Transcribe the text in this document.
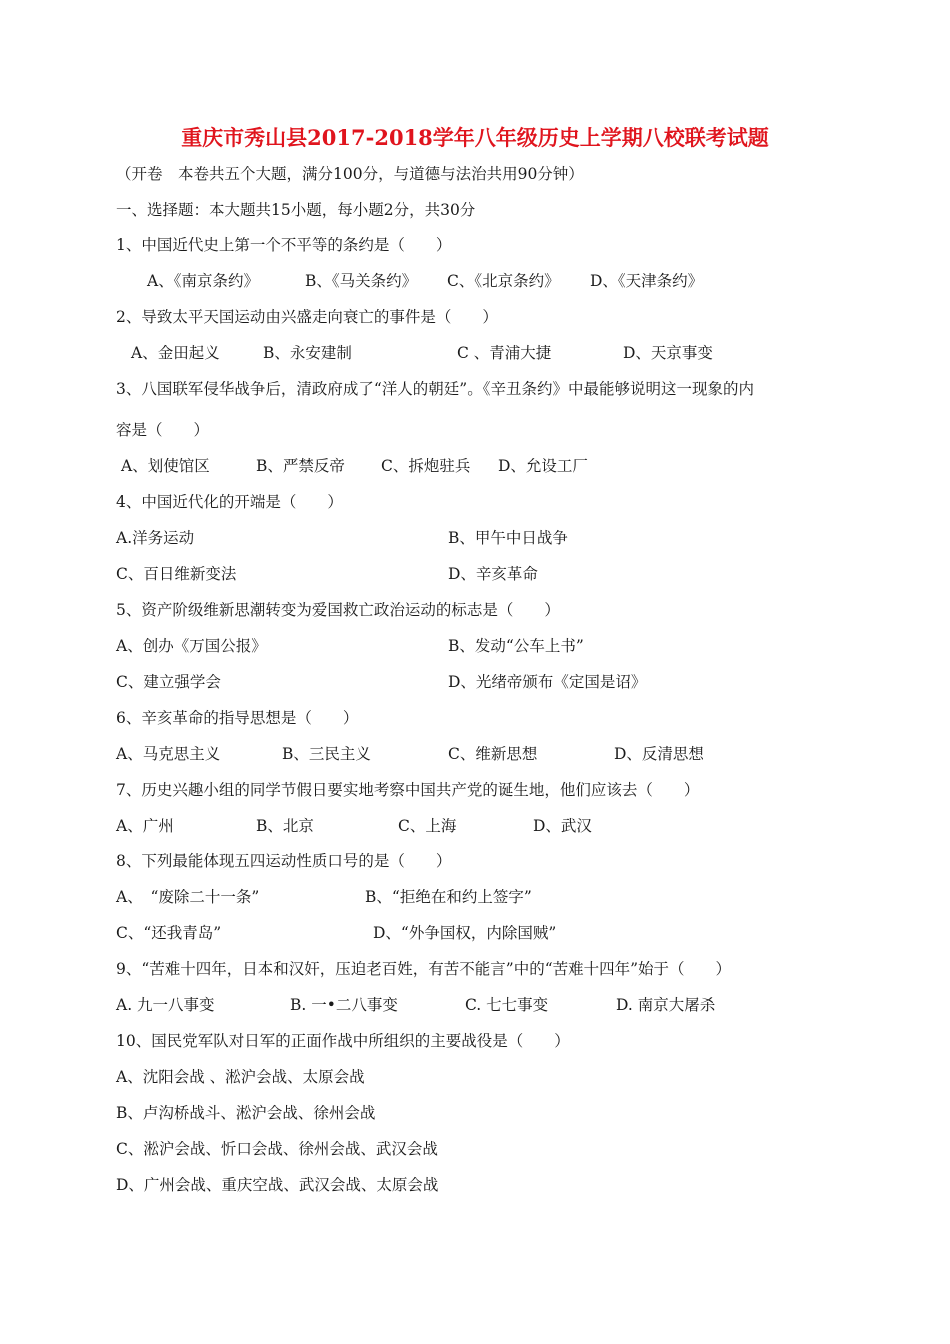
重庆市秀山县2017-2018学年八年级历史上学期八校联考试题
（开卷　本卷共五个大题，满分100分，与道德与法治共用90分钟）
一、选择题：本大题共15小题，每小题2分，共30分
1、中国近代史上第一个不平等的条约是（　　）
A、《南京条约》	B、《马关条约》 C、《北京条约》 D、《天津条约》
2、导致太平天国运动由兴盛走向衰亡的事件是（　　）
A、金田起义	B、永安建制	C 、青浦大捷	D、天京事变
3、八国联军侵华战争后，清政府成了“洋人的朝廷”。《辛丑条约》中最能够说明这一现象的内
容是（　　）
A、划使馆区	B、严禁反帝 C、拆炮驻兵 D、允设工厂
4、中国近代化的开端是（　　）
A.洋务运动	B、甲午中日战争
C、百日维新变法	D、辛亥革命
5、资产阶级维新思潮转变为爱国救亡政治运动的标志是（　　）
A、创办《万国公报》	B、发动“公车上书”
C、建立强学会	D、光绪帝颁布《定国是诏》
6、辛亥革命的指导思想是（　　）
A、马克思主义	B、三民主义	C、维新思想	D、反清思想
7、历史兴趣小组的同学节假日要实地考察中国共产党的诞生地，他们应该去（　　）
A、广州	B、北京	C、上海	D、武汉
8、下列最能体现五四运动性质口号的是（　　）
A、　“废除二十一条”	B、“拒绝在和约上签字”
C、“还我青岛”	D、“外争国权，内除国贼”
9、“苦难十四年，日本和汉奸，压迫老百姓，有苦不能言”中的“苦难十四年”始于（　　）
A. 九一八事变	B. 一•二八事变	C. 七七事变	D. 南京大屠杀
10、国民党军队对日军的正面作战中所组织的主要战役是（　　）
A、沈阳会战 、淞沪会战、太原会战
B、卢沟桥战斗、淞沪会战、徐州会战
C、淞沪会战、忻口会战、徐州会战、武汉会战
D、广州会战、重庆空战、武汉会战、太原会战
